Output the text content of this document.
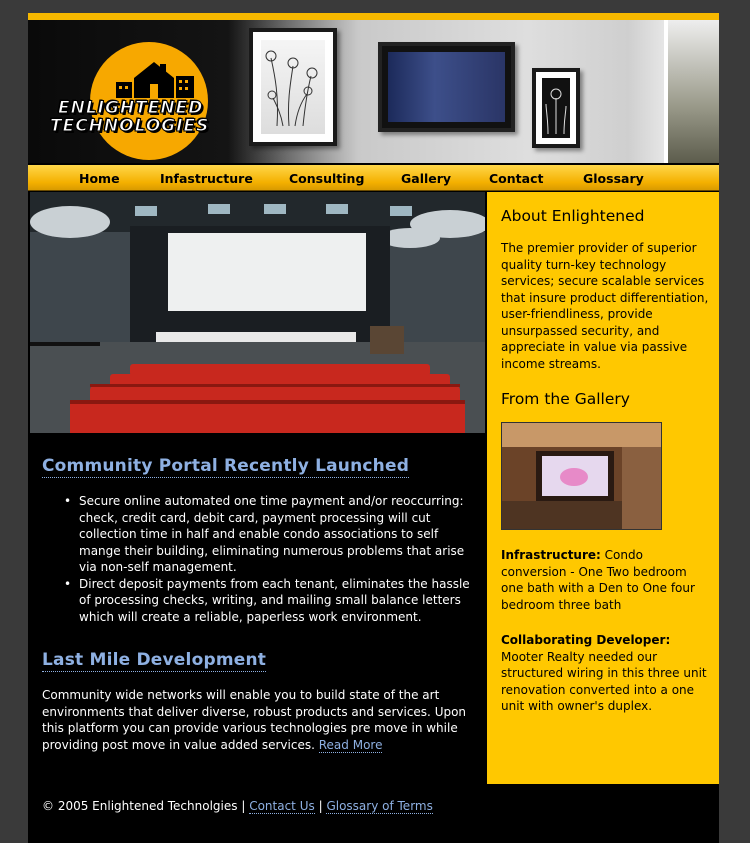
ENLIGHTENED
TECHNOLOGIES
Home	Infastructure	Consulting	Gallery	Contact	Glossary
About Enlightened
The premier provider of superior quality turn-key technology services; secure scalable services that insure product differentiation, user-friendliness, provide unsurpassed security, and appreciate in value via passive income streams.
From the Gallery
Infrastructure: Condo conversion - One Two bedroom one bath with a Den to One four bedroom three bath
Collaborating Developer:
Mooter Realty needed our structured wiring in this three unit renovation converted into a one unit with owner's duplex.
Community Portal Recently Launched
• Secure online automated one time payment and/or reoccurring: check, credit card, debit card, payment processing will cut collection time in half and enable condo associations to self mange their building, eliminating numerous problems that arise via non-self management.
• Direct deposit payments from each tenant, eliminates the hassle of processing checks, writing, and mailing small balance letters which will create a reliable, paperless work environment.
Last Mile Development
Community wide networks will enable you to build state of the art environments that deliver diverse, robust products and services. Upon this platform you can provide various technologies pre move in while providing post move in value added services. Read More
© 2005 Enlightened Technolgies | Contact Us | Glossary of Terms
